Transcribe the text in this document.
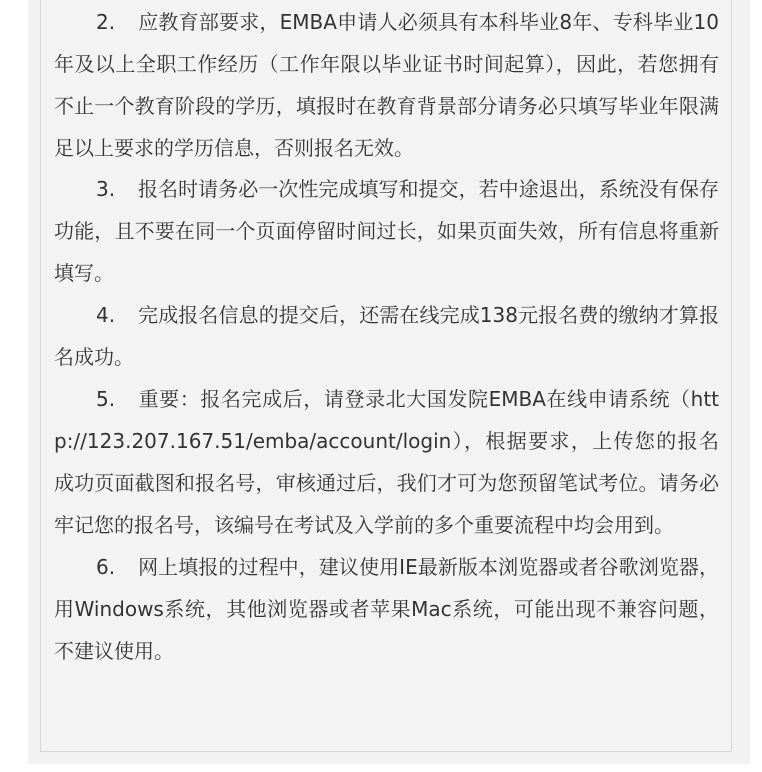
2. 应教育部要求，EMBA申请人必须具有本科毕业8年、专科毕业10年及以上全职工作经历（工作年限以毕业证书时间起算），因此，若您拥有不止一个教育阶段的学历，填报时在教育背景部分请务必只填写毕业年限满足以上要求的学历信息，否则报名无效。

3. 报名时请务必一次性完成填写和提交，若中途退出，系统没有保存功能，且不要在同一个页面停留时间过长，如果页面失效，所有信息将重新填写。

4. 完成报名信息的提交后，还需在线完成138元报名费的缴纳才算报名成功。

5. 重要：报名完成后，请登录北大国发院EMBA在线申请系统（http://123.207.167.51/emba/account/login），根据要求，上传您的报名成功页面截图和报名号，审核通过后，我们才可为您预留笔试考位。请务必牢记您的报名号，该编号在考试及入学前的多个重要流程中均会用到。

6. 网上填报的过程中，建议使用IE最新版本浏览器或者谷歌浏览器，用Windows系统，其他浏览器或者苹果Mac系统，可能出现不兼容问题，不建议使用。
